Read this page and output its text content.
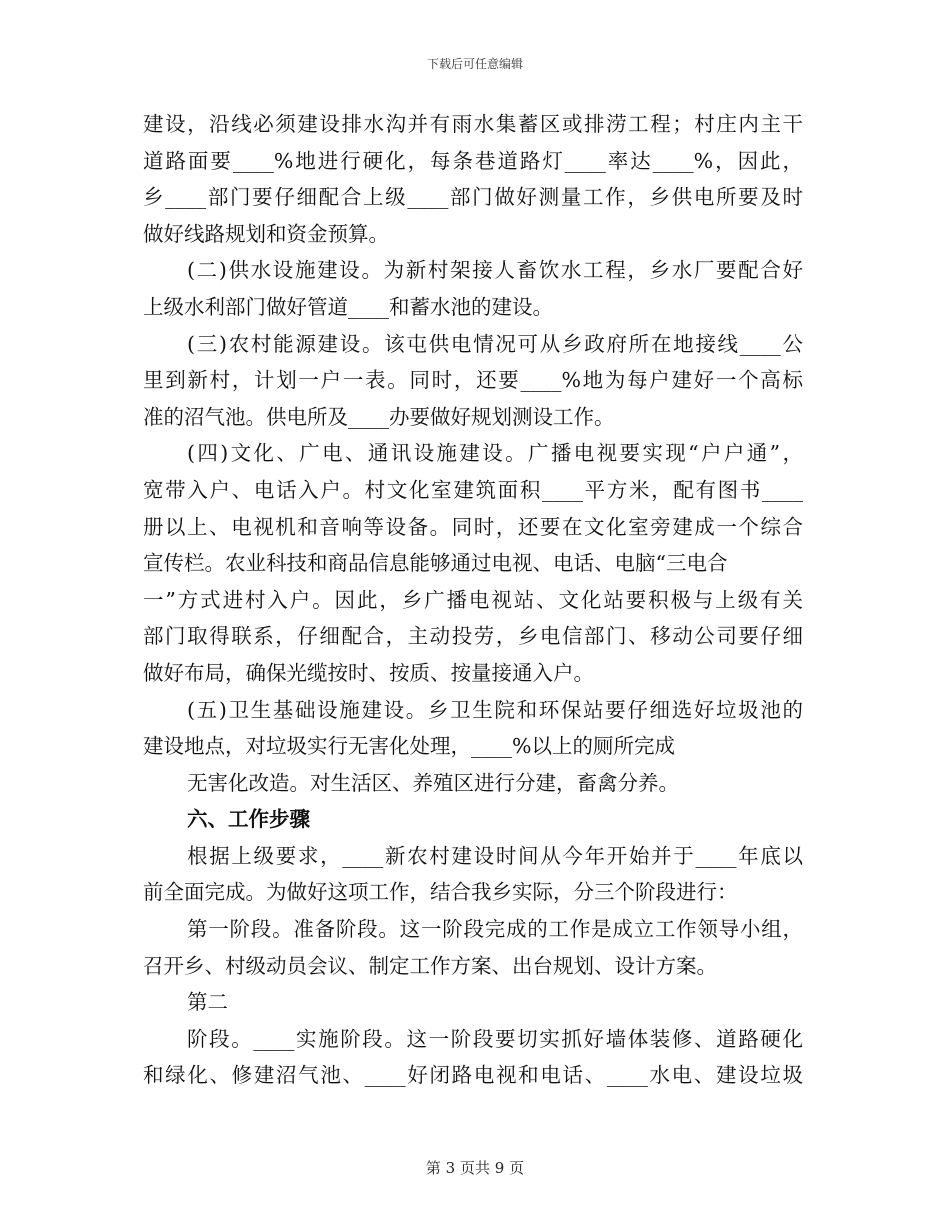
下载后可任意编辑
建设，沿线必须建设排水沟并有雨水集蓄区或排涝工程；村庄内主干
道路面要____%地进行硬化，每条巷道路灯____率达____%，因此，
乡____部门要仔细配合上级____部门做好测量工作，乡供电所要及时
做好线路规划和资金预算。
(二)供水设施建设。为新村架接人畜饮水工程，乡水厂要配合好
上级水利部门做好管道____和蓄水池的建设。
(三)农村能源建设。该屯供电情况可从乡政府所在地接线____公
里到新村，计划一户一表。同时，还要____%地为每户建好一个高标
准的沼气池。供电所及____办要做好规划测设工作。
(四)文化、广电、通讯设施建设。广播电视要实现“户户通”，
宽带入户、电话入户。村文化室建筑面积____平方米，配有图书____
册以上、电视机和音响等设备。同时，还要在文化室旁建成一个综合
宣传栏。农业科技和商品信息能够通过电视、电话、电脑“三电合
一”方式进村入户。因此，乡广播电视站、文化站要积极与上级有关
部门取得联系，仔细配合，主动投劳，乡电信部门、移动公司要仔细
做好布局，确保光缆按时、按质、按量接通入户。
(五)卫生基础设施建设。乡卫生院和环保站要仔细选好垃圾池的
建设地点，对垃圾实行无害化处理，____%以上的厕所完成
无害化改造。对生活区、养殖区进行分建，畜禽分养。
六、工作步骤
根据上级要求，____新农村建设时间从今年开始并于____年底以
前全面完成。为做好这项工作，结合我乡实际，分三个阶段进行：
第一阶段。准备阶段。这一阶段完成的工作是成立工作领导小组，
召开乡、村级动员会议、制定工作方案、出台规划、设计方案。
第二
阶段。____实施阶段。这一阶段要切实抓好墙体装修、道路硬化
和绿化、修建沼气池、____好闭路电视和电话、____水电、建设垃圾
第 3 页共 9 页
